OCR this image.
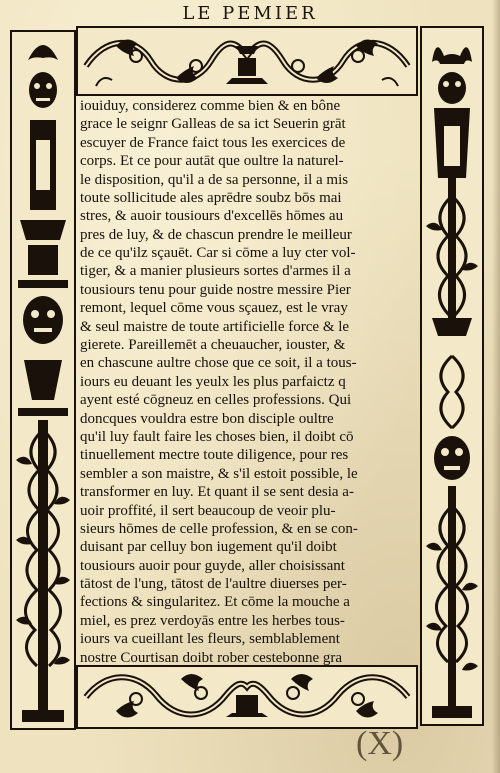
LE PEMIER
iouiduy, considerez comme bien & en bône
grace le seignr Galleas de sa ict Seuerin grāt
escuyer de France faict tous les exercices de
corps. Et ce pour autāt que oultre la naturel-
le disposition, qu'il a de sa personne, il a mis
toute sollicitude ales aprēdre soubz bōs mai
stres, & auoir tousiours d'excellēs hōmes au
pres de luy, & de chascun prendre le meilleur
de ce qu'ilz sçauēt. Car si cōme a luy cter vol-
tiger, & a manier plusieurs sortes d'armes il a
tousiours tenu pour guide nostre messire Pier
remont, lequel cōme vous sçauez, est le vray
& seul maistre de toute artificielle force & le
gierete. Pareillemēt a cheuaucher, iouster, &
en chascune aultre chose que ce soit, il a tous-
iours eu deuant les yeulx les plus parfaictz q
ayent esté cōgneuz en celles professions. Qui
doncques vouldra estre bon disciple oultre
qu'il luy fault faire les choses bien, il doibt cō
tinuellement mectre toute diligence, pour res
sembler a son maistre, & s'il estoit possible, le
transformer en luy. Et quant il se sent desia a-
uoir proffité, il sert beaucoup de veoir plu-
sieurs hōmes de celle profession, & en se con-
duisant par celluy bon iugement qu'il doibt
tousiours auoir pour guyde, aller choisissant
tātost de l'ung, tātost de l'aultre diuerses per-
fections & singularitez. Et cōme la mouche a
miel, es prez verdoyās entre les herbes tous-
iours va cueillant les fleurs, semblablement
nostre Courtisan doibt rober cestebonne gra
(X)
